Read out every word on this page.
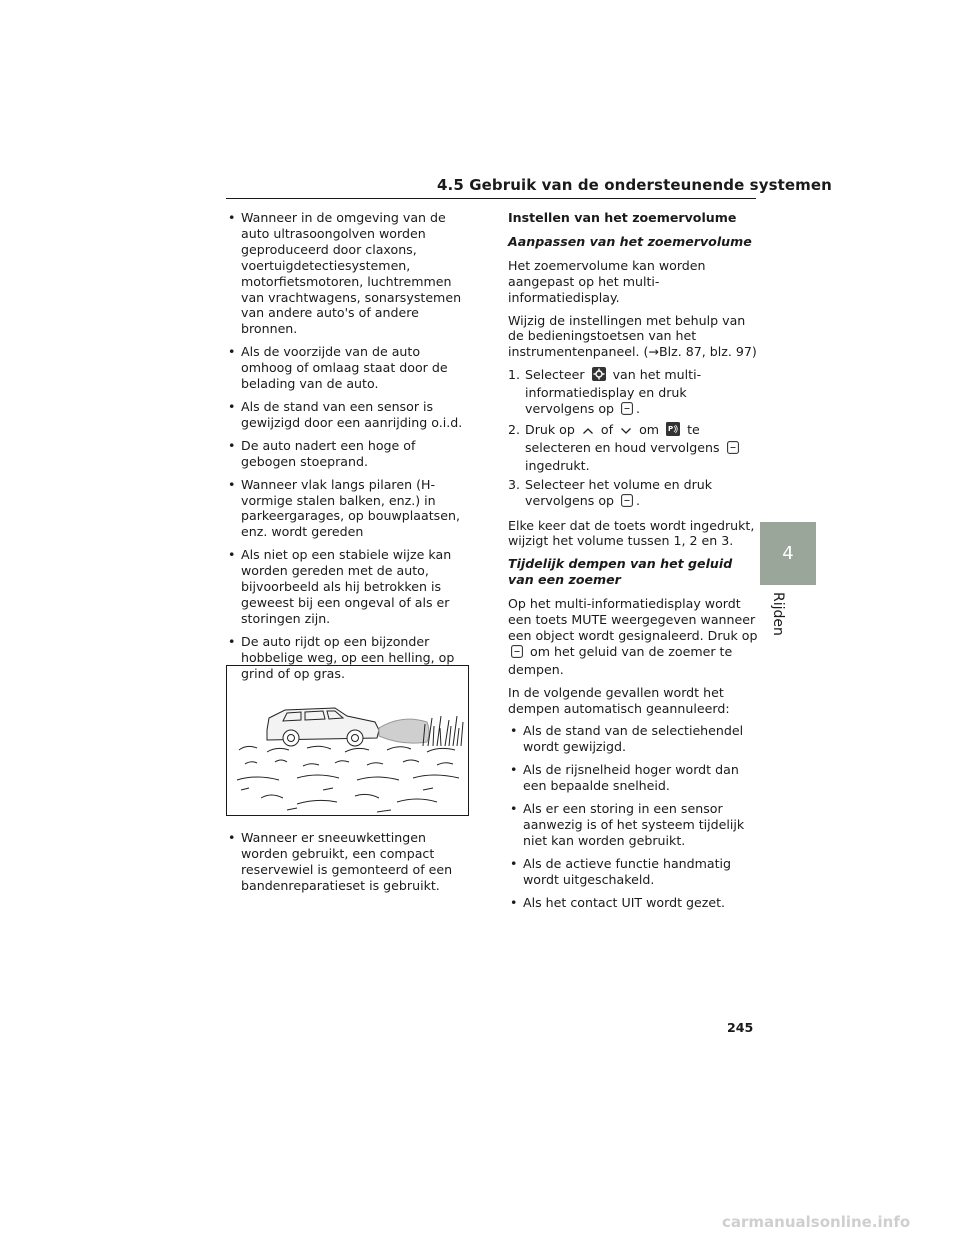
4.5 Gebruik van de ondersteunende systemen
4
Rijden
• Wanneer in de omgeving van de auto ultrasoongolven worden geproduceerd door claxons, voertuigdetectiesystemen, motorfietsmotoren, luchtremmen van vrachtwagens, sonarsystemen van andere auto's of andere bronnen.
• Als de voorzijde van de auto omhoog of omlaag staat door de belading van de auto.
• Als de stand van een sensor is gewijzigd door een aanrijding o.i.d.
• De auto nadert een hoge of gebogen stoeprand.
• Wanneer vlak langs pilaren (H-vormige stalen balken, enz.) in parkeergarages, op bouwplaatsen, enz. wordt gereden
• Als niet op een stabiele wijze kan worden gereden met de auto, bijvoorbeeld als hij betrokken is geweest bij een ongeval of als er storingen zijn.
• De auto rijdt op een bijzonder hobbelige weg, op een helling, op grind of op gras.
• Wanneer er sneeuwkettingen worden gebruikt, een compact reservewiel is gemonteerd of een bandenreparatieset is gebruikt.
Instellen van het zoemervolume
Aanpassen van het zoemervolume
Het zoemervolume kan worden aangepast op het multi-informatiedisplay.
Wijzig de instellingen met behulp van de bedieningstoetsen van het instrumentenpaneel. (→Blz. 87, blz. 97)
1. Selecteer van het multi-informatiedisplay en druk vervolgens op .
2. Druk op of om P te selecteren en houd vervolgens  ingedrukt.
3. Selecteer het volume en druk vervolgens op .
Elke keer dat de toets wordt ingedrukt, wijzigt het volume tussen 1, 2 en 3.
Tijdelijk dempen van het geluid van een zoemer
Op het multi-informatiedisplay wordt een toets MUTE weergegeven wanneer een object wordt gesignaleerd. Druk op  om het geluid van de zoemer te dempen.
In de volgende gevallen wordt het dempen automatisch geannuleerd:
• Als de stand van de selectiehendel wordt gewijzigd.
• Als de rijsnelheid hoger wordt dan een bepaalde snelheid.
• Als er een storing in een sensor aanwezig is of het systeem tijdelijk niet kan worden gebruikt.
• Als de actieve functie handmatig wordt uitgeschakeld.
• Als het contact UIT wordt gezet.
245
carmanualsonline.info
